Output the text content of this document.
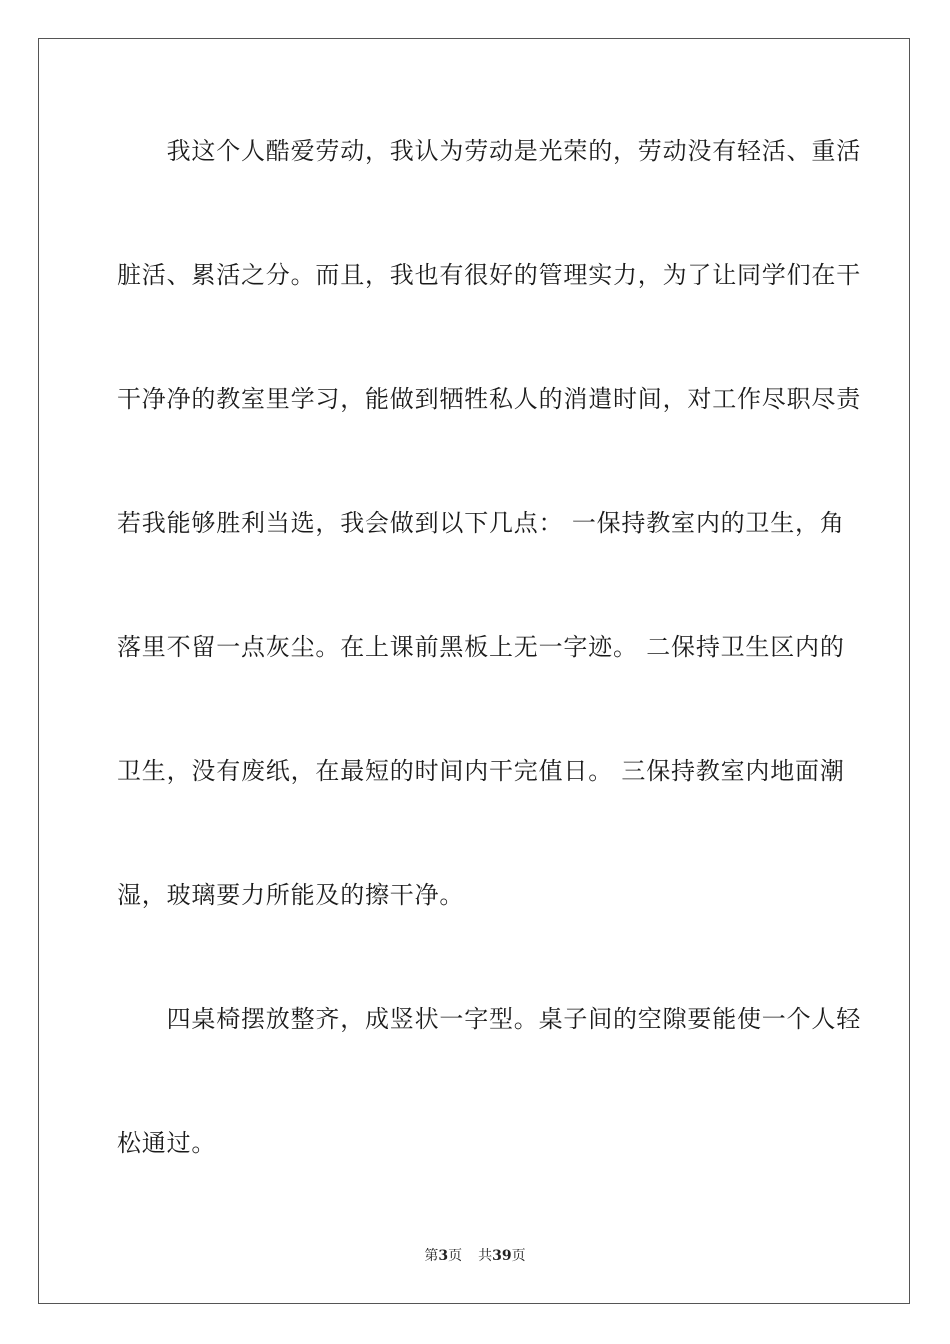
　　我这个人酷爱劳动，我认为劳动是光荣的，劳动没有轻活、重活
脏活、累活之分。而且，我也有很好的管理实力，为了让同学们在干
干净净的教室里学习，能做到牺牲私人的消遣时间，对工作尽职尽责
若我能够胜利当选，我会做到以下几点： 一保持教室内的卫生，角
落里不留一点灰尘。在上课前黑板上无一字迹。 二保持卫生区内的
卫生，没有废纸，在最短的时间内干完值日。 三保持教室内地面潮
湿，玻璃要力所能及的擦干净。
　　四桌椅摆放整齐，成竖状一字型。桌子间的空隙要能使一个人轻
松通过。
第3页 共39页
